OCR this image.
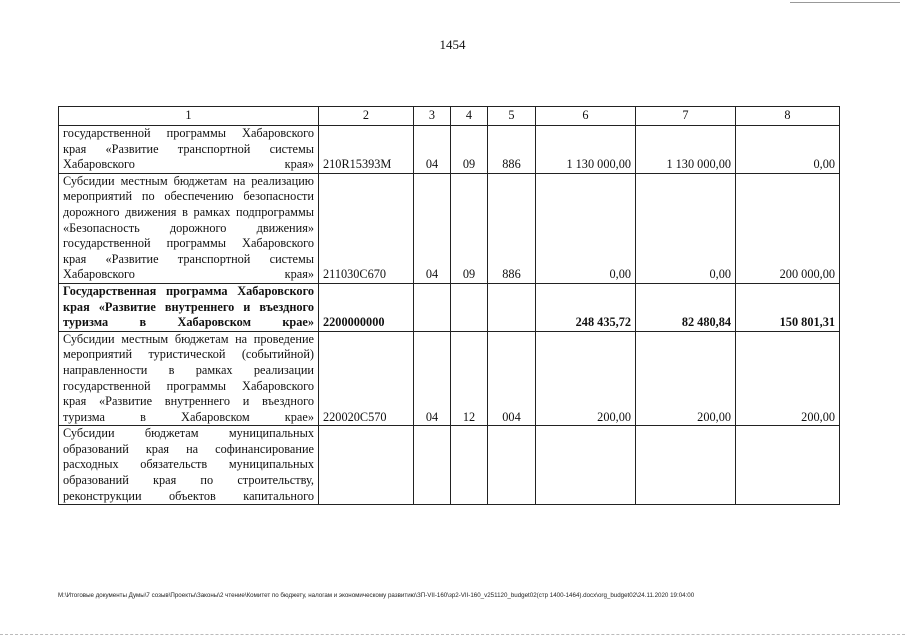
1454
1	2	3	4	5	6	7	8
государственной программы Хабаровского края «Развитие транспортной системы Хабаровского края»	210R15393M	04	09	886	1 130 000,00	1 130 000,00	0,00
Субсидии местным бюджетам на реализацию мероприятий по обеспечению безопасности дорожного движения в рамках подпрограммы «Безопасность дорожного движения» государственной программы Хабаровского края «Развитие транспортной системы Хабаровского края»	211030С670	04	09	886	0,00	0,00	200 000,00
Государственная программа Хабаровского края «Развитие внутреннего и въездного туризма в Хабаровском крае»	2200000000				248 435,72	82 480,84	150 801,31
Субсидии местным бюджетам на проведение мероприятий туристической (событийной) направленности в рамках реализации государственной программы Хабаровского края «Развитие внутреннего и въездного туризма в Хабаровском крае»	220020С570	04	12	004	200,00	200,00	200,00
Субсидии бюджетам муниципальных образований края на софинансирование расходных обязательств муниципальных образований края по строительству, реконструкции объектов капитального							
M:\Итоговые документы Думы\7 созыв\Проекты\Законы\2 чтение\Комитет по бюджету, налогам и экономическому развитию\ЗП-VII-160\зр2-VII-160_v251120_budget02(стр 1400-1464).docx\org_budget02\24.11.2020 19:04:00
